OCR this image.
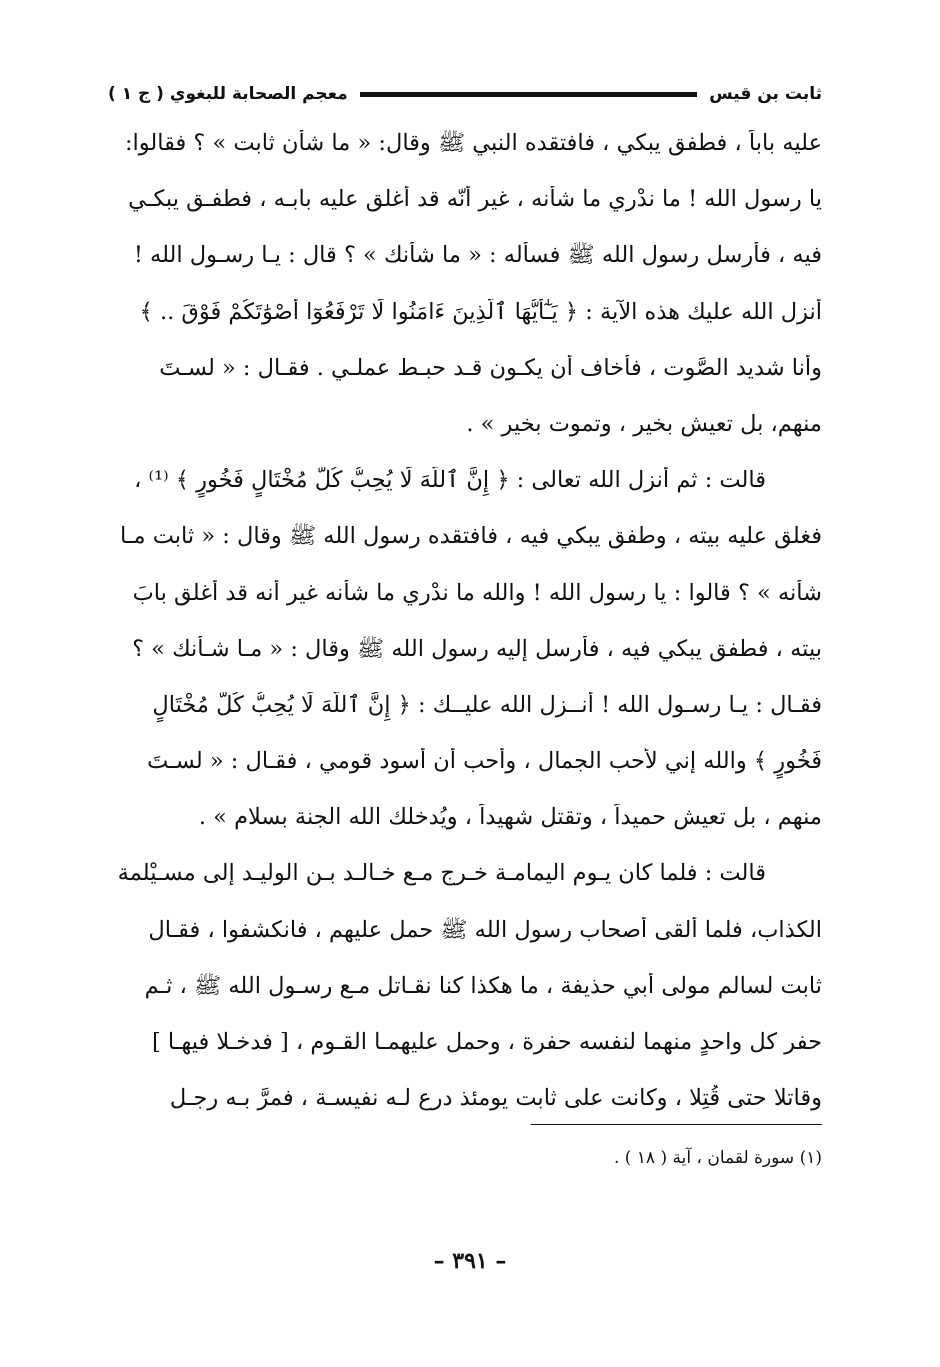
ثابت بن قيس
معجم الصحابة للبغوي ( ج ١ )
عليه باباً ، فطفق يبكي ، فافتقده النبي ﷺ وقال: « ما شأن ثابت » ؟ فقالوا:
يا رسول الله ! ما ندْري ما شأنه ، غير أنّه قد أغلق عليه بابـه ، فطفـق يبكـي
فيه ، فأرسل رسول الله ﷺ فسأله : « ما شأنك » ؟ قال : يـا رسـول الله !
أنزل الله عليك هذه الآية : ﴿ يَـٰٓأَيُّهَا ٱلَّذِينَ ءَامَنُوا لَا تَرْفَعُوٓا أَصْوَٰتَكُمْ فَوْقَ .. ﴾
وأنا شديد الصَّوت ، فأخاف أن يكـون قـد حبـط عملـي . فقـال : « لسـتَ
منهم، بل تعيش بخير ، وتموت بخير » .
قالت : ثم أنزل الله تعالى : ﴿ إِنَّ ٱللَّهَ لَا يُحِبُّ كُلَّ مُخْتَالٍ فَخُورٍ ﴾ ⁽¹⁾ ،
فغلق عليه بيته ، وطفق يبكي فيه ، فافتقده رسول الله ﷺ وقال : « ثابت مـا
شأنه » ؟ قالوا : يا رسول الله ! والله ما ندْري ما شأنه غير أنه قد أغلق بابَ
بيته ، فطفق يبكي فيه ، فأرسل إليه رسول الله ﷺ وقال : « مـا شـأنك » ؟
فقـال : يـا رسـول الله ! أنــزل الله عليــك : ﴿ إِنَّ ٱللَّهَ لَا يُحِبُّ كُلَّ مُخْتَالٍ
فَخُورٍ ﴾ والله إني لأحب الجمال ، وأحب أن أسود قومي ، فقـال : « لسـتَ
منهم ، بل تعيش حميداً ، وتقتل شهيداً ، ويُدخلك الله الجنة بسلام » .
قالت : فلما كان يـوم اليمامـة خـرج مـع خـالـد بـن الوليـد إلى مسـيْلمة
الكذاب، فلما ألقى أصحاب رسول الله ﷺ حمل عليهم ، فانكشفوا ، فقـال
ثابت لسالم مولى أبي حذيفة ، ما هكذا كنا نقـاتل مـع رسـول الله ﷺ ، ثـم
حفر كل واحدٍ منهما لنفسه حفرة ، وحمل عليهمـا القـوم ، [ فدخـلا فيهـا ]
وقاتلا حتى قُتِلا ، وكانت على ثابت يومئذ درع لـه نفيسـة ، فمرَّ بـه رجـل
(١) سورة لقمان ، آية ( ١٨ ) .
– ٣٩١ –
